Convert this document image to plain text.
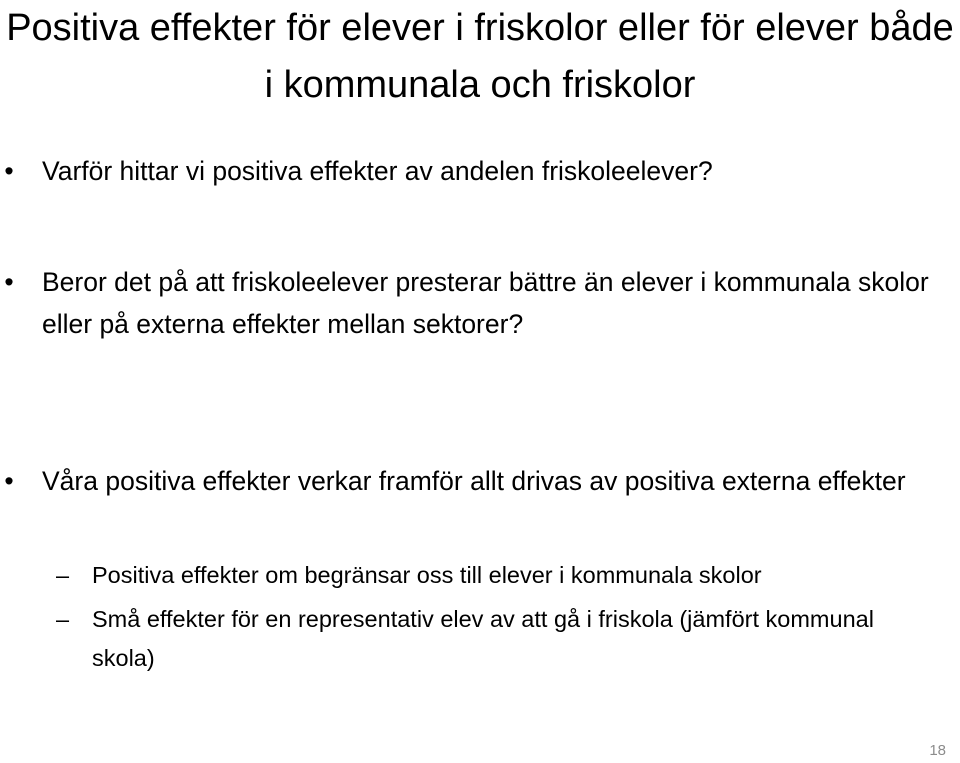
Positiva effekter för elever i friskolor eller för elever både i kommunala och friskolor
• Varför hittar vi positiva effekter av andelen friskoleelever?
• Beror det på att friskoleelever presterar bättre än elever i kommunala skolor eller på externa effekter mellan sektorer?
• Våra positiva effekter verkar framför allt drivas av positiva externa effekter
– Positiva effekter om begränsar oss till elever i kommunala skolor
– Små effekter för en representativ elev av att gå i friskola (jämfört kommunal skola)
18
